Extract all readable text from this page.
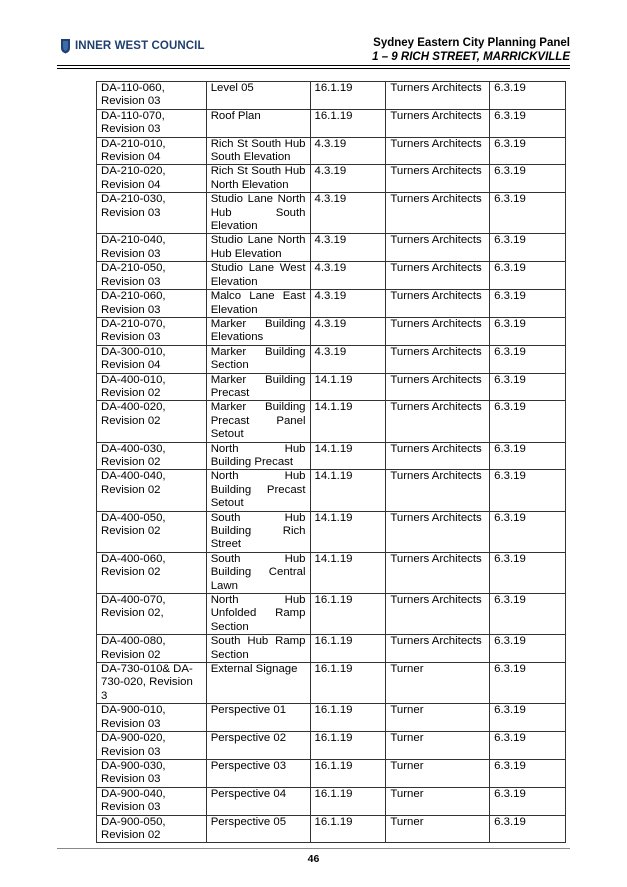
INNER WEST COUNCIL	Sydney Eastern City Planning Panel
1 – 9 RICH STREET, MARRICKVILLE
DA-110-060, Revision 03	Level 05	16.1.19	Turners Architects	6.3.19
DA-110-070, Revision 03	Roof Plan	16.1.19	Turners Architects	6.3.19
DA-210-010, Revision 04	Rich St South Hub South Elevation	4.3.19	Turners Architects	6.3.19
DA-210-020, Revision 04	Rich St South Hub North Elevation	4.3.19	Turners Architects	6.3.19
DA-210-030, Revision 03	Studio Lane North Hub South Elevation	4.3.19	Turners Architects	6.3.19
DA-210-040, Revision 03	Studio Lane North Hub Elevation	4.3.19	Turners Architects	6.3.19
DA-210-050, Revision 03	Studio Lane West Elevation	4.3.19	Turners Architects	6.3.19
DA-210-060, Revision 03	Malco Lane East Elevation	4.3.19	Turners Architects	6.3.19
DA-210-070, Revision 03	Marker Building Elevations	4.3.19	Turners Architects	6.3.19
DA-300-010, Revision 04	Marker Building Section	4.3.19	Turners Architects	6.3.19
DA-400-010, Revision 02	Marker Building Precast	14.1.19	Turners Architects	6.3.19
DA-400-020, Revision 02	Marker Building Precast Panel Setout	14.1.19	Turners Architects	6.3.19
DA-400-030, Revision 02	North Hub Building Precast	14.1.19	Turners Architects	6.3.19
DA-400-040, Revision 02	North Hub Building Precast Setout	14.1.19	Turners Architects	6.3.19
DA-400-050, Revision 02	South Hub Building Rich Street	14.1.19	Turners Architects	6.3.19
DA-400-060, Revision 02	South Hub Building Central Lawn	14.1.19	Turners Architects	6.3.19
DA-400-070, Revision 02,	North Hub Unfolded Ramp Section	16.1.19	Turners Architects	6.3.19
DA-400-080, Revision 02	South Hub Ramp Section	16.1.19	Turners Architects	6.3.19
DA-730-010& DA-730-020, Revision 3	External Signage	16.1.19	Turner	6.3.19
DA-900-010, Revision 03	Perspective 01	16.1.19	Turner	6.3.19
DA-900-020, Revision 03	Perspective 02	16.1.19	Turner	6.3.19
DA-900-030, Revision 03	Perspective 03	16.1.19	Turner	6.3.19
DA-900-040, Revision 03	Perspective 04	16.1.19	Turner	6.3.19
DA-900-050, Revision 02	Perspective 05	16.1.19	Turner	6.3.19
46
